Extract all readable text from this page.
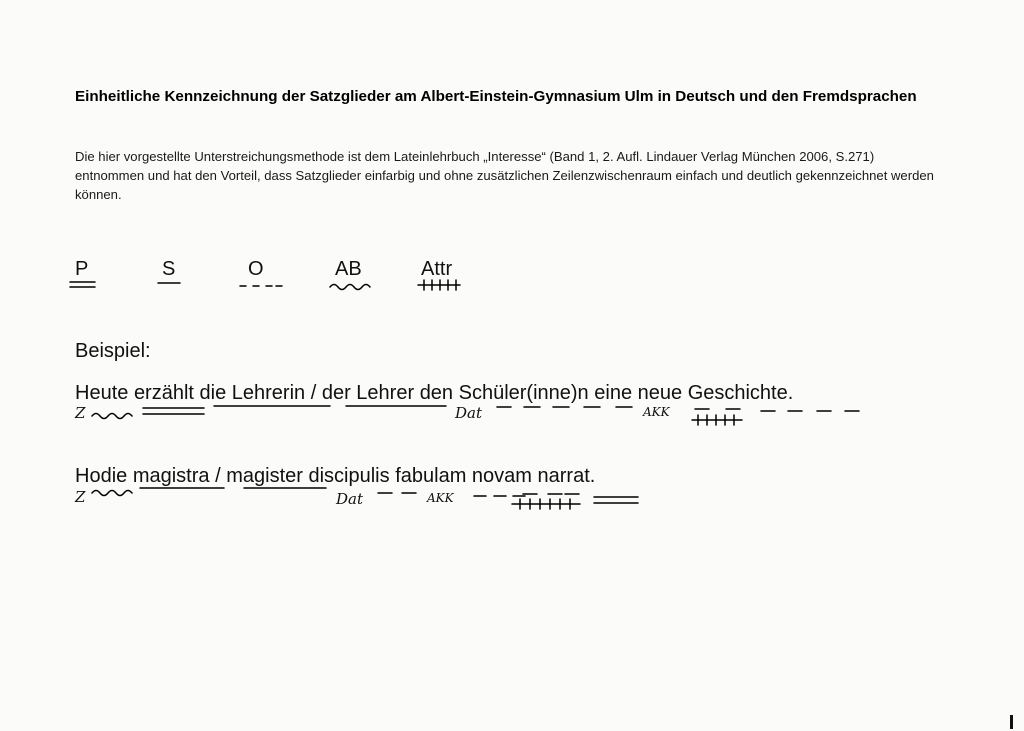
Einheitliche Kennzeichnung der Satzglieder am Albert-Einstein-Gymnasium Ulm in Deutsch und den Fremdsprachen
Die hier vorgestellte Unterstreichungsmethode ist dem Lateinlehrbuch „Interesse“ (Band 1, 2. Aufl. Lindauer Verlag München 2006, S.271) entnommen und hat den Vorteil, dass Satzglieder einfarbig und ohne zusätzlichen Zeilenzwischenraum einfach und deutlich gekennzeichnet werden können.
P	S	O	AB	Attr
Beispiel:
Heute erzählt die Lehrerin / der Lehrer den Schüler(inne)n eine neue Geschichte.
Z	Dat	AKK
Hodie magistra / magister discipulis fabulam novam narrat.
Z	Dat	AKK
